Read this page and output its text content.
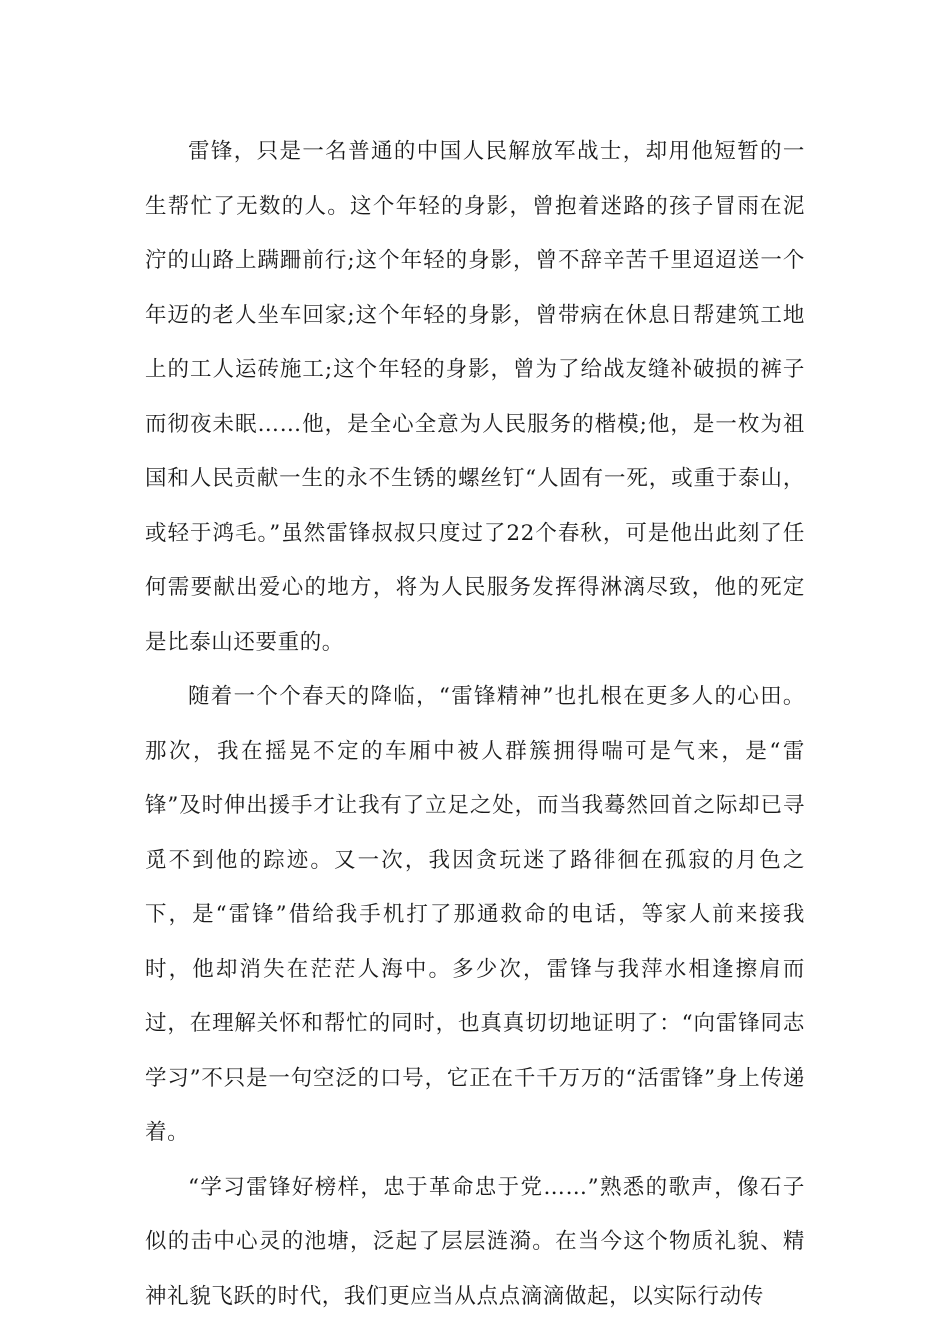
雷锋，只是一名普通的中国人民解放军战士，却用他短暂的一生帮忙了无数的人。这个年轻的身影，曾抱着迷路的孩子冒雨在泥泞的山路上蹒跚前行;这个年轻的身影，曾不辞辛苦千里迢迢送一个年迈的老人坐车回家;这个年轻的身影，曾带病在休息日帮建筑工地上的工人运砖施工;这个年轻的身影，曾为了给战友缝补破损的裤子而彻夜未眠……他，是全心全意为人民服务的楷模;他，是一枚为祖国和人民贡献一生的永不生锈的螺丝钉“人固有一死，或重于泰山，或轻于鸿毛。”虽然雷锋叔叔只度过了22个春秋，可是他出此刻了任何需要献出爱心的地方，将为人民服务发挥得淋漓尽致，他的死定是比泰山还要重的。

随着一个个春天的降临，“雷锋精神”也扎根在更多人的心田。那次，我在摇晃不定的车厢中被人群簇拥得喘可是气来，是“雷锋”及时伸出援手才让我有了立足之处，而当我蓦然回首之际却已寻觅不到他的踪迹。又一次，我因贪玩迷了路徘徊在孤寂的月色之下，是“雷锋”借给我手机打了那通救命的电话，等家人前来接我时，他却消失在茫茫人海中。多少次，雷锋与我萍水相逢擦肩而过，在理解关怀和帮忙的同时，也真真切切地证明了：“向雷锋同志学习”不只是一句空泛的口号，它正在千千万万的“活雷锋”身上传递着。

“学习雷锋好榜样，忠于革命忠于党……”熟悉的歌声，像石子似的击中心灵的池塘，泛起了层层涟漪。在当今这个物质礼貌、精神礼貌飞跃的时代，我们更应当从点点滴滴做起，以实际行动传
